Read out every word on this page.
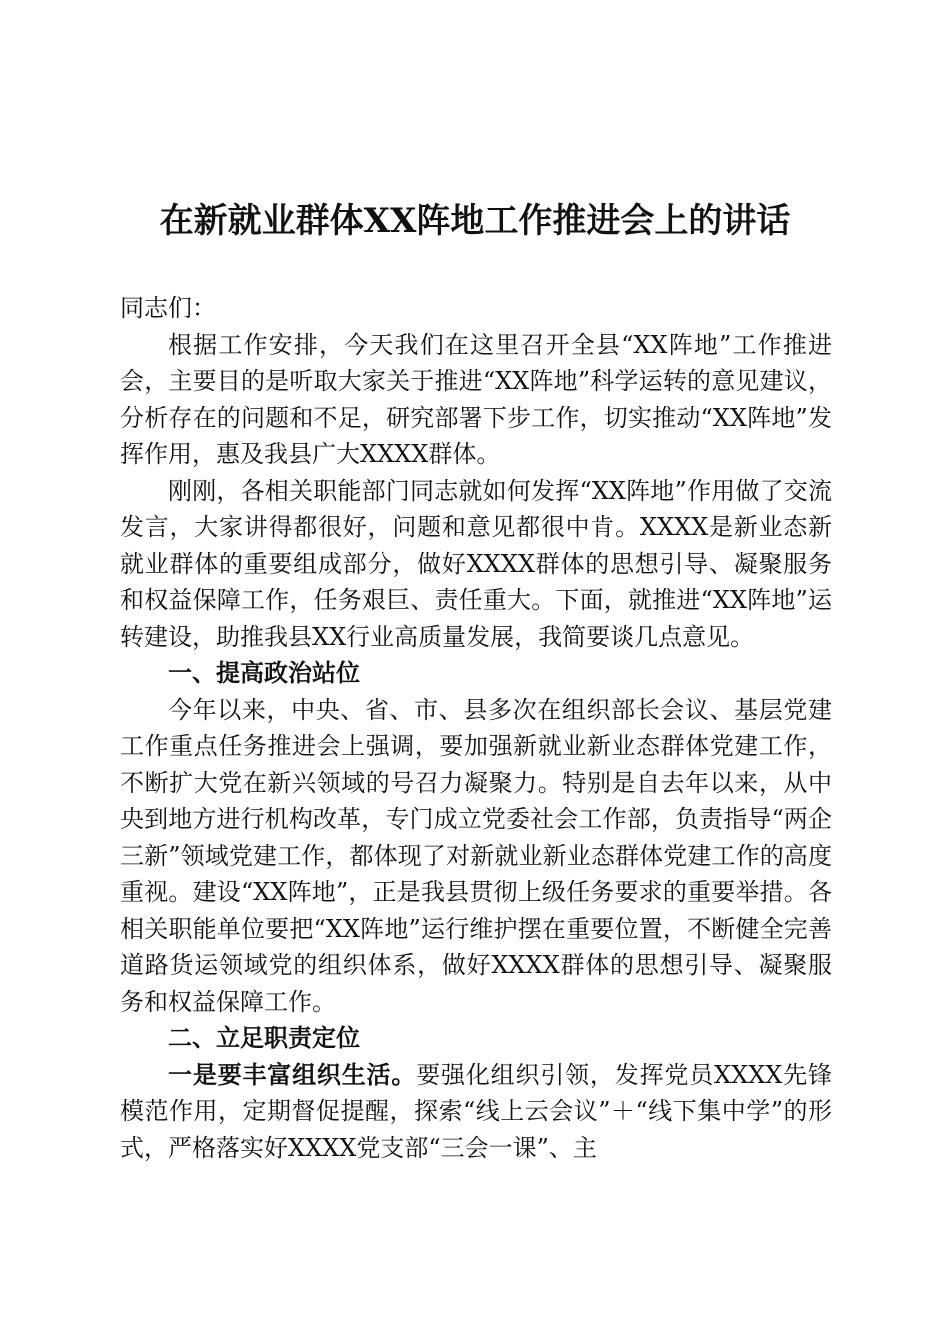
在新就业群体XX阵地工作推进会上的讲话

同志们：

根据工作安排，今天我们在这里召开全县“XX阵地”工作推进会，主要目的是听取大家关于推进“XX阵地”科学运转的意见建议，分析存在的问题和不足，研究部署下步工作，切实推动“XX阵地”发挥作用，惠及我县广大XXXX群体。

刚刚，各相关职能部门同志就如何发挥“XX阵地”作用做了交流发言，大家讲得都很好，问题和意见都很中肯。XXXX是新业态新就业群体的重要组成部分，做好XXXX群体的思想引导、凝聚服务和权益保障工作，任务艰巨、责任重大。下面，就推进“XX阵地”运转建设，助推我县XX行业高质量发展，我简要谈几点意见。

一、提高政治站位

今年以来，中央、省、市、县多次在组织部长会议、基层党建工作重点任务推进会上强调，要加强新就业新业态群体党建工作，不断扩大党在新兴领域的号召力凝聚力。特别是自去年以来，从中央到地方进行机构改革，专门成立党委社会工作部，负责指导“两企三新”领域党建工作，都体现了对新就业新业态群体党建工作的高度重视。建设“XX阵地”，正是我县贯彻上级任务要求的重要举措。各相关职能单位要把“XX阵地”运行维护摆在重要位置，不断健全完善道路货运领域党的组织体系，做好XXXX群体的思想引导、凝聚服务和权益保障工作。

二、立足职责定位

一是要丰富组织生活。要强化组织引领，发挥党员XXXX先锋模范作用，定期督促提醒，探索“线上云会议”＋“线下集中学”的形式，严格落实好XXXX党支部“三会一课”、主
